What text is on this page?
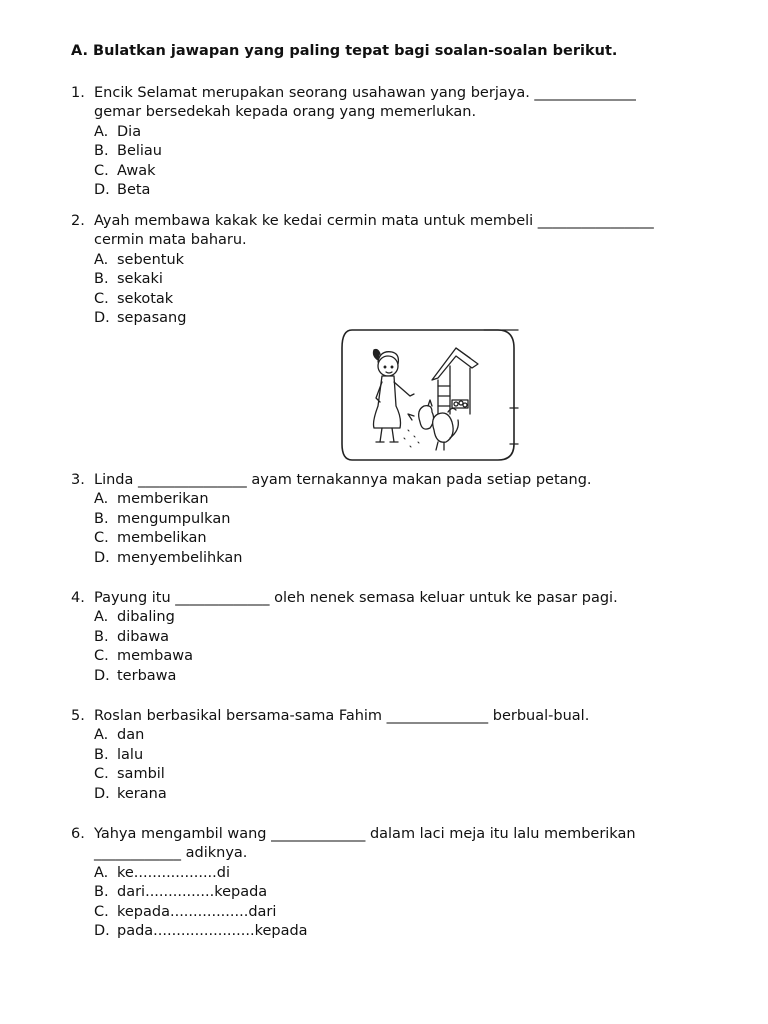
A. Bulatkan jawapan yang paling tepat bagi soalan-soalan berikut.
1. Encik Selamat merupakan seorang usahawan yang berjaya. ______________
gemar bersedekah kepada orang yang memerlukan.
A. Dia
B. Beliau
C. Awak
D. Beta
2. Ayah membawa kakak ke kedai cermin mata untuk membeli ________________
cermin mata baharu.
A. sebentuk
B. sekaki
C. sekotak
D. sepasang
3. Linda _______________ ayam ternakannya makan pada setiap petang.
A. memberikan
B. mengumpulkan
C. membelikan
D. menyembelihkan
4. Payung itu _____________ oleh nenek semasa keluar untuk ke pasar pagi.
A. dibaling
B. dibawa
C. membawa
D. terbawa
5. Roslan berbasikal bersama-sama Fahim ______________ berbual-bual.
A. dan
B. lalu
C. sambil
D. kerana
6. Yahya mengambil wang _____________ dalam laci meja itu lalu memberikan
____________ adiknya.
A. ke..................di
B. dari...............kepada
C. kepada.................dari
D. pada......................kepada
